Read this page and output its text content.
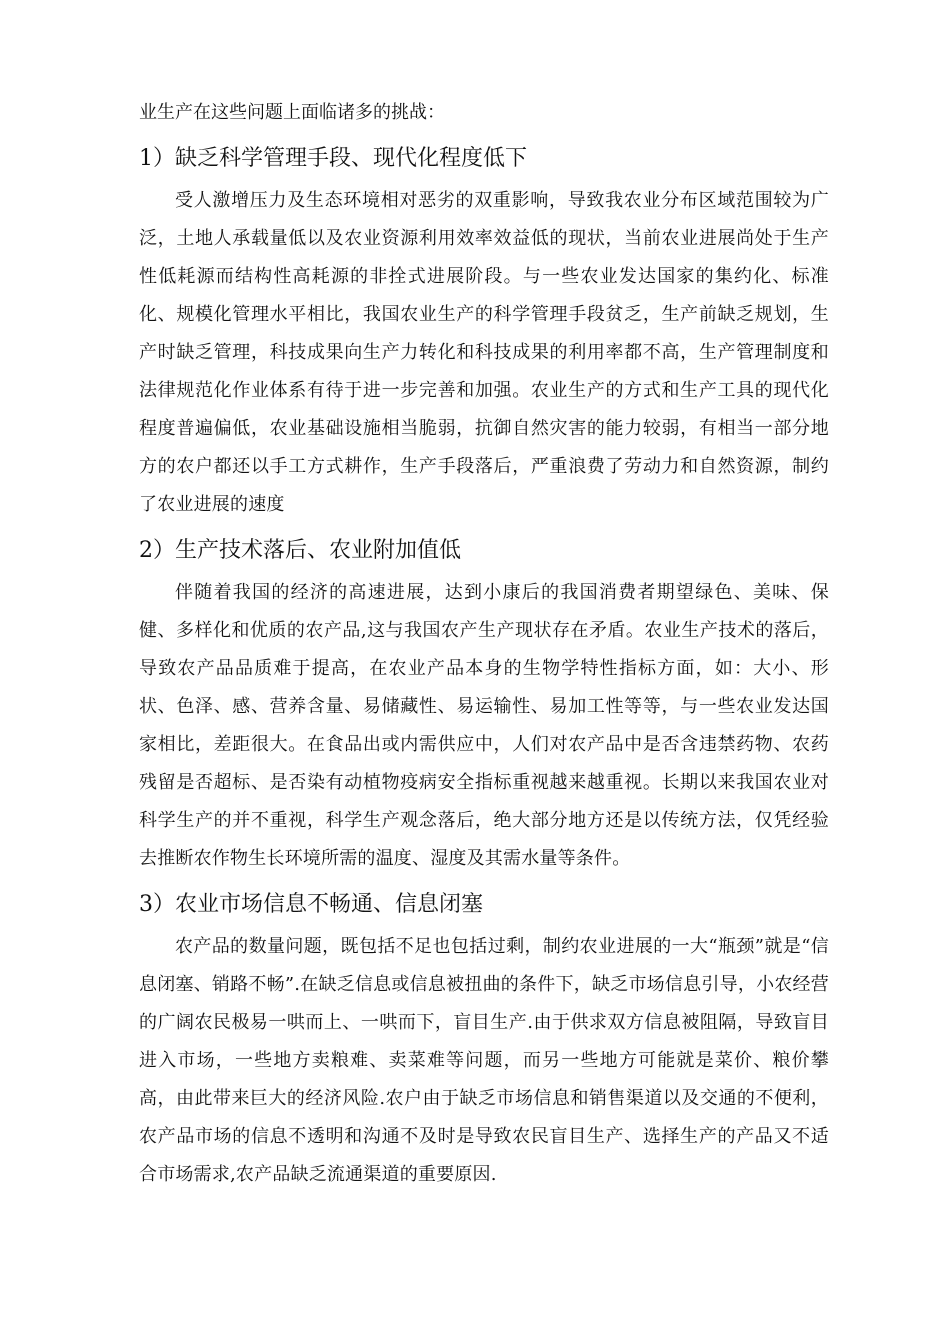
业生产在这些问题上面临诸多的挑战：

1）缺乏科学管理手段、现代化程度低下

受人激增压力及生态环境相对恶劣的双重影响，导致我农业分布区域范围较为广泛，土地人承载量低以及农业资源利用效率效益低的现状，当前农业进展尚处于生产性低耗源而结构性高耗源的非拴式进展阶段。与一些农业发达国家的集约化、标准化、规模化管理水平相比，我国农业生产的科学管理手段贫乏，生产前缺乏规划，生产时缺乏管理，科技成果向生产力转化和科技成果的利用率都不高，生产管理制度和法律规范化作业体系有待于进一步完善和加强。农业生产的方式和生产工具的现代化程度普遍偏低，农业基础设施相当脆弱，抗御自然灾害的能力较弱，有相当一部分地方的农户都还以手工方式耕作，生产手段落后，严重浪费了劳动力和自然资源，制约了农业进展的速度

2）生产技术落后、农业附加值低

伴随着我国的经济的高速进展，达到小康后的我国消费者期望绿色、美味、保健、多样化和优质的农产品,这与我国农产生产现状存在矛盾。农业生产技术的落后，导致农产品品质难于提高，在农业产品本身的生物学特性指标方面，如：大小、形状、色泽、感、营养含量、易储藏性、易运输性、易加工性等等，与一些农业发达国家相比，差距很大。在食品出或内需供应中，人们对农产品中是否含违禁药物、农药残留是否超标、是否染有动植物疫病安全指标重视越来越重视。长期以来我国农业对科学生产的并不重视，科学生产观念落后，绝大部分地方还是以传统方法，仅凭经验去推断农作物生长环境所需的温度、湿度及其需水量等条件。

3）农业市场信息不畅通、信息闭塞

农产品的数量问题，既包括不足也包括过剩，制约农业进展的一大“瓶颈”就是“信息闭塞、销路不畅”.在缺乏信息或信息被扭曲的条件下，缺乏市场信息引导，小农经营的广阔农民极易一哄而上、一哄而下，盲目生产.由于供求双方信息被阻隔，导致盲目进入市场，一些地方卖粮难、卖菜难等问题，而另一些地方可能就是菜价、粮价攀高，由此带来巨大的经济风险.农户由于缺乏市场信息和销售渠道以及交通的不便利，农产品市场的信息不透明和沟通不及时是导致农民盲目生产、选择生产的产品又不适合市场需求,农产品缺乏流通渠道的重要原因.
